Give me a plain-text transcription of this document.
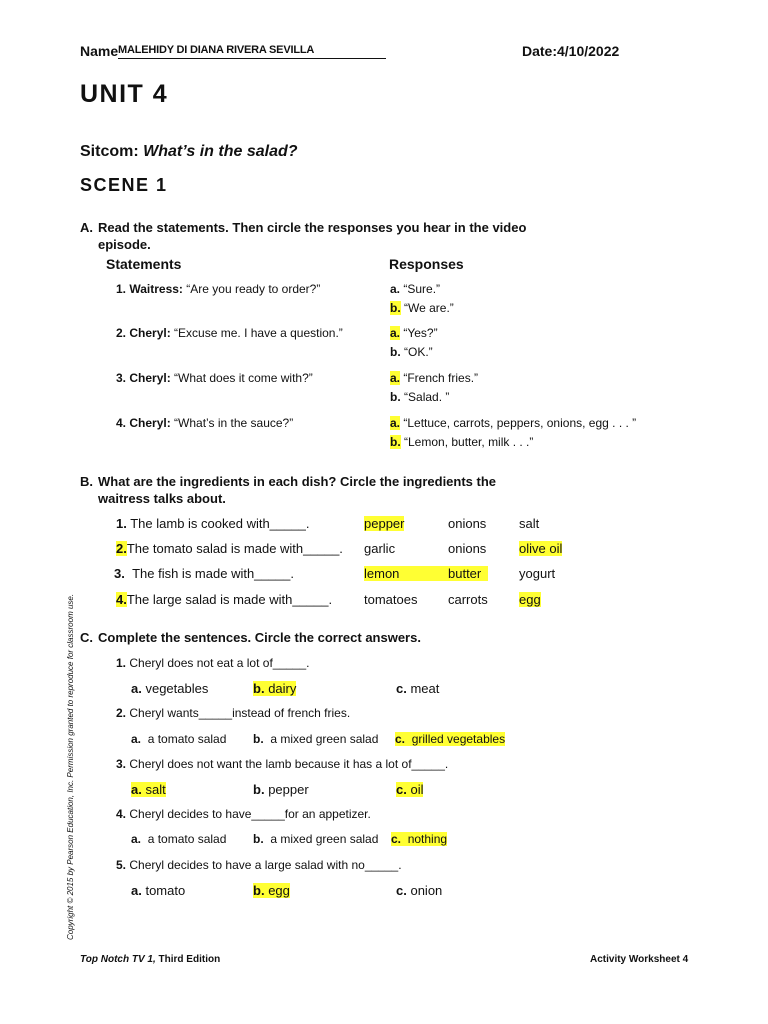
Name MALEHIDY DI DIANA RIVERA SEVILLA	Date:4/10/2022
UNIT 4
Sitcom: What’s in the salad?
SCENE 1
A. Read the statements. Then circle the responses you hear in the video
episode.
Statements	Responses
1. Waitress: “Are you ready to order?”	a. “Sure.”
b. “We are.”
2. Cheryl: “Excuse me. I have a question.”	a. “Yes?”
b. “OK.”
3. Cheryl: “What does it come with?”	a. “French fries.”
b. “Salad. ”
4. Cheryl: “What’s in the sauce?”	a. “Lettuce, carrots, peppers, onions, egg . . . ”
b. “Lemon, butter, milk . . .”
B. What are the ingredients in each dish? Circle the ingredients the
waitress talks about.
1. The lamb is cooked with_____.	pepper	onions	salt
2.The tomato salad is made with_____. garlic	onions	olive oil
3. The fish is made with_____.	lemon	butter	yogurt
4.The large salad is made with_____. tomatoes carrots egg
C. Complete the sentences. Circle the correct answers.
1. Cheryl does not eat a lot of_____.
a. vegetables	b. dairy	c. meat
2. Cheryl wants_____instead of french fries.
a. a tomato salad b. a mixed green salad c. grilled vegetables
3. Cheryl does not want the lamb because it has a lot of_____.
a. salt	b. pepper	c. oil
4. Cheryl decides to have_____for an appetizer.
a. a tomato salad b. a mixed green salad c. nothing
5. Cheryl decides to have a large salad with no_____.
a. tomato	b. egg	c. onion
Top Notch TV 1, Third Edition	Activity Worksheet 4
Copyright © 2015 by Pearson Education, Inc. Permission granted to reproduce for classroom use.
